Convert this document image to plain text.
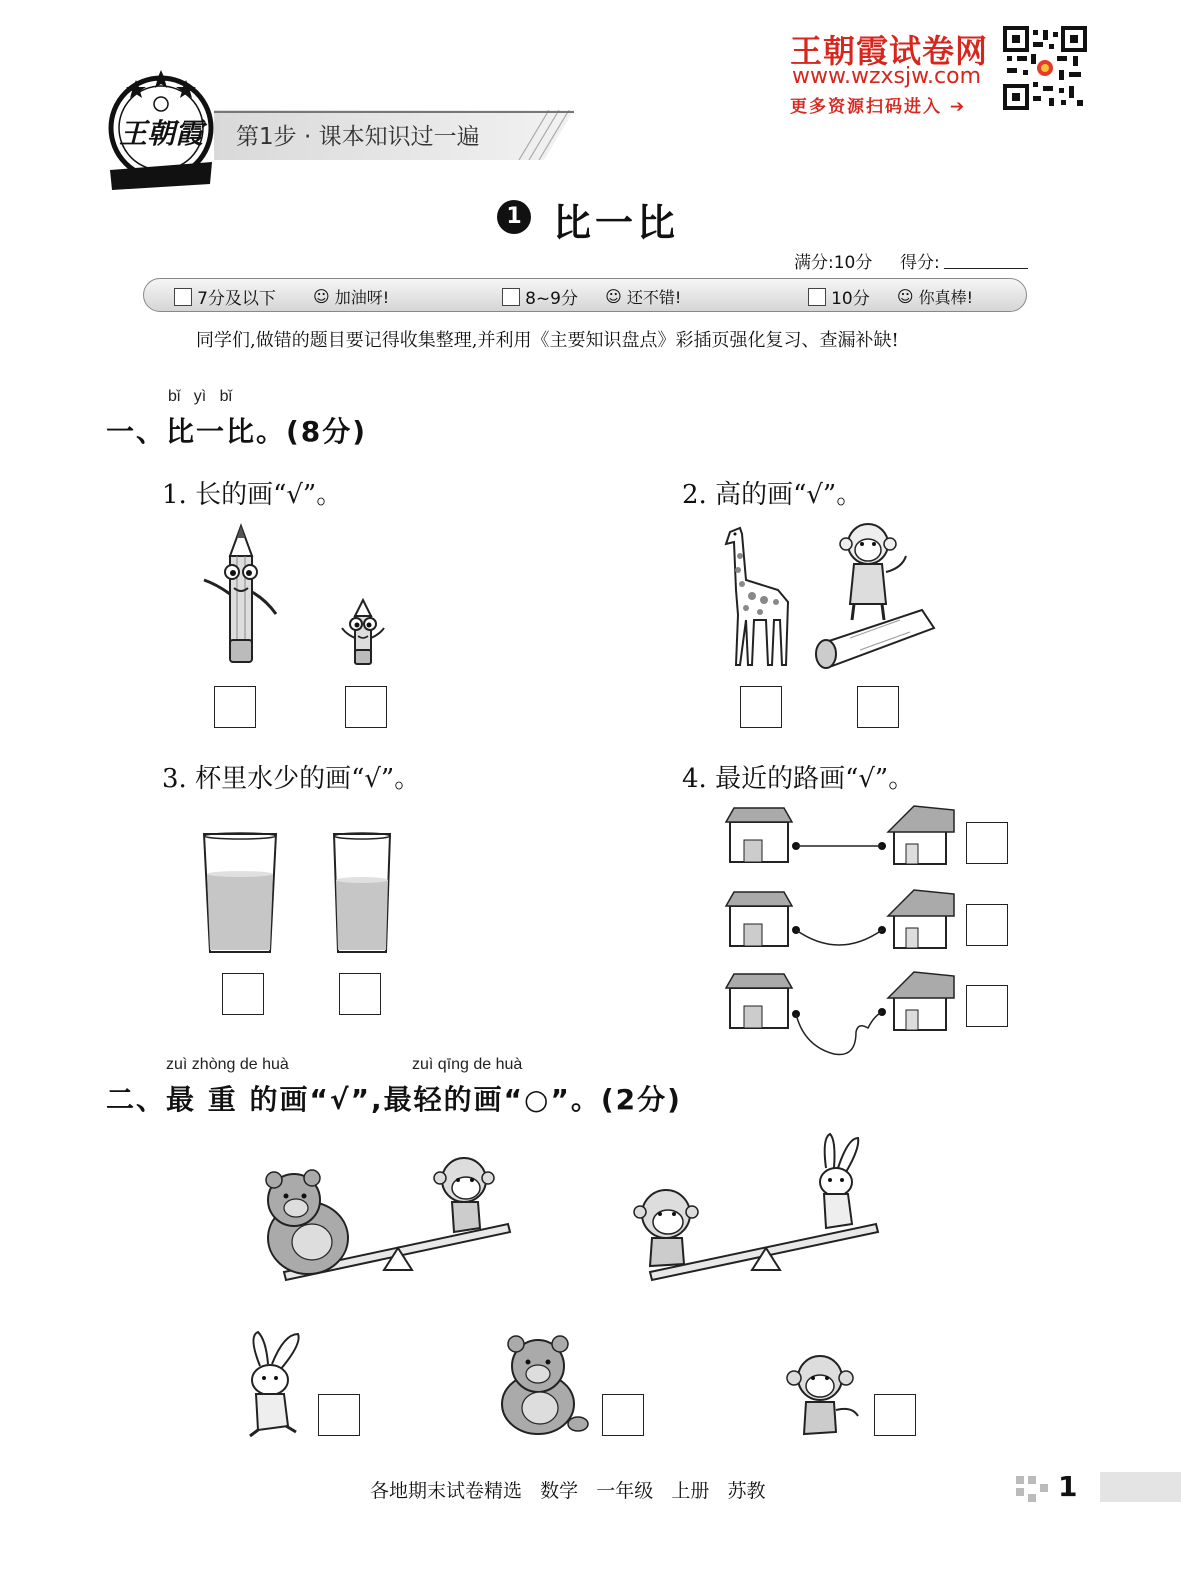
王朝霞试卷网
www.wzxsjw.com
更多资源扫码进入 ➔
王朝霞 第1步 · 课本知识过一遍
1 比一比
满分:10分 得分:
7分及以下 ☺ 加油呀!	8~9分 ☺ 还不错!	10分 ☺ 你真棒!
同学们,做错的题目要记得收集整理,并利用《主要知识盘点》彩插页强化复习、查漏补缺!
bǐ   yì   bǐ
一、比一比。(8分)
1. 长的画“√”。	2. 高的画“√”。
3. 杯里水少的画“√”。	4. 最近的路画“√”。
zuì zhòng de huà	zuì qīng de huà
二、最 重 的画“√”,最轻的画“○”。(2分)
各地期末试卷精选   数学   一年级   上册   苏教	1
